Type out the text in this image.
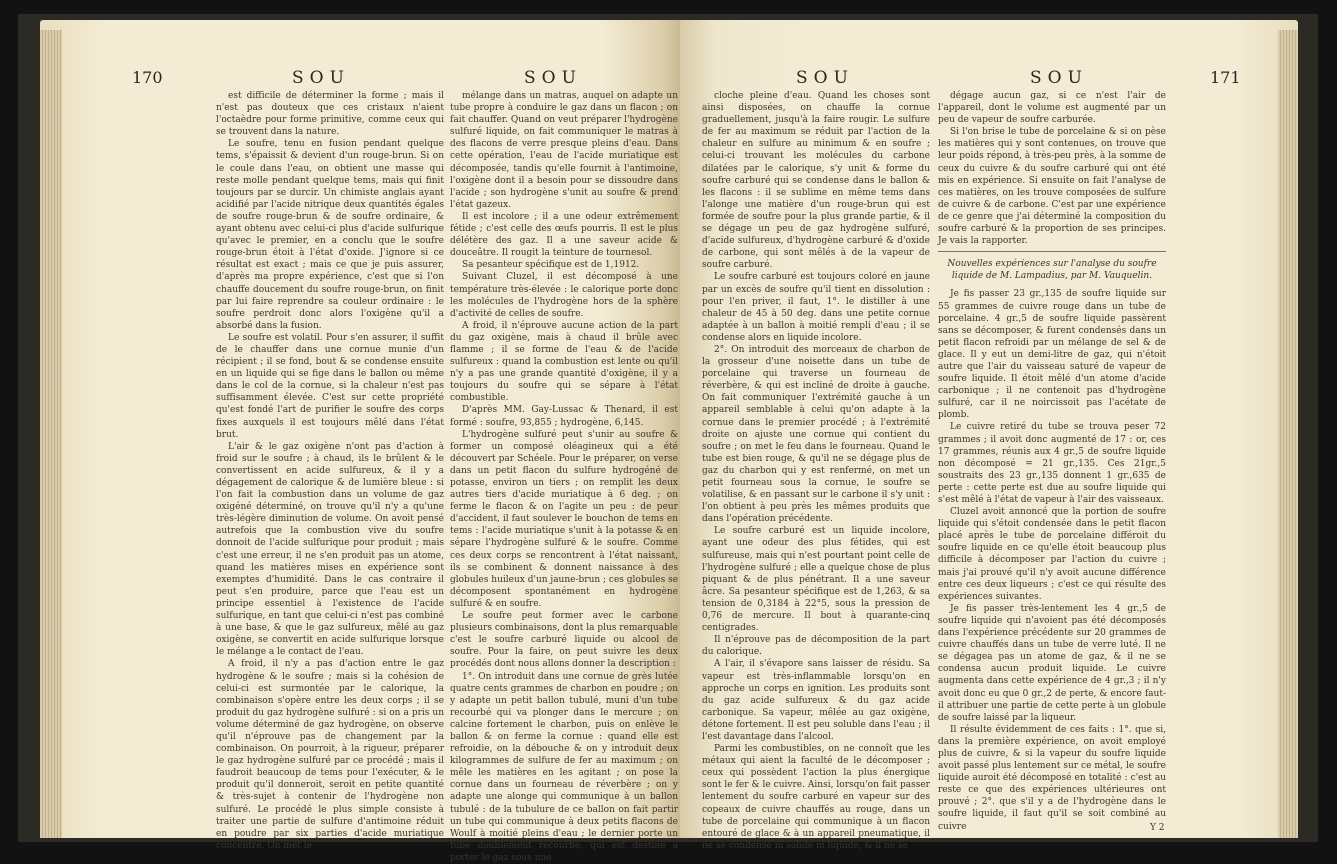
170	SOU	SOU

est difficile de déterminer la forme ; mais il n'est pas douteux que ces cristaux n'aient l'octaèdre pour forme primitive, comme ceux qui se trouvent dans la nature.

Le soufre, tenu en fusion pendant quelque tems, s'épaissit & devient d'un rouge-brun. Si on le coule dans l'eau, on obtient une masse qui reste molle pendant quelque tems, mais qui finit toujours par se durcir. Un chimiste anglais ayant acidifié par l'acide nitrique deux quantités égales de soufre rouge-brun & de soufre ordinaire, & ayant obtenu avec celui-ci plus d'acide sulfurique qu'avec le premier, en a conclu que le soufre rouge-brun étoit à l'état d'oxide. J'ignore si ce résultat est exact ; mais ce que je puis assurer, d'après ma propre expérience, c'est que si l'on chauffe doucement du soufre rouge-brun, on finit par lui faire reprendre sa couleur ordinaire : le soufre perdroit donc alors l'oxigène qu'il a absorbé dans la fusion.

Le soufre est volatil. Pour s'en assurer, il suffit de le chauffer dans une cornue munie d'un récipient ; il se fond, bout & se condense ensuite en un liquide qui se fige dans le ballon ou même dans le col de la cornue, si la chaleur n'est pas suffisamment élevée. C'est sur cette propriété qu'est fondé l'art de purifier le soufre des corps fixes auxquels il est toujours mêlé dans l'état brut.

L'air & le gaz oxigène n'ont pas d'action à froid sur le soufre ; à chaud, ils le brûlent & le convertissent en acide sulfureux, & il y a dégagement de calorique & de lumière bleue : si l'on fait la combustion dans un volume de gaz oxigéné déterminé, on trouve qu'il n'y a qu'une très-légère diminution de volume. On avoit pensé autrefois que la combustion vive du soufre donnoit de l'acide sulfurique pour produit ; mais c'est une erreur, il ne s'en produit pas un atome, quand les matières mises en expérience sont exemptes d'humidité. Dans le cas contraire il peut s'en produire, parce que l'eau est un principe essentiel à l'existence de l'acide sulfurique, en tant que celui-ci n'est pas combiné à une base, & que le gaz sulfureux, mêlé au gaz oxigène, se convertit en acide sulfurique lorsque le mélange a le contact de l'eau.

A froid, il n'y a pas d'action entre le gaz hydrogène & le soufre ; mais si la cohésion de celui-ci est surmontée par le calorique, la combinaison s'opère entre les deux corps ; il se produit du gaz hydrogène sulfuré : si on a pris un volume déterminé de gaz hydrogène, on observe qu'il n'éprouve pas de changement par la combinaison. On pourroit, à la rigueur, préparer le gaz hydrogène sulfuré par ce procédé ; mais il faudroit beaucoup de tems pour l'exécuter, & le produit qu'il donneroit, seroit en petite quantité & très-sujet à contenir de l'hydrogène non sulfuré. Le procédé le plus simple consiste à traiter une partie de sulfure d'antimoine réduit en poudre par six parties d'acide muriatique concentré. On met le

mélange dans un matras, auquel on adapte un tube propre à conduire le gaz dans un flacon ; on fait chauffer. Quand on veut préparer l'hydrogène sulfuré liquide, on fait communiquer le matras à des flacons de verre presque pleins d'eau. Dans cette opération, l'eau de l'acide muriatique est décomposée, tandis qu'elle fournit à l'antimoine, l'oxigène dont il a besoin pour se dissoudre dans l'acide ; son hydrogène s'unit au soufre & prend l'état gazeux.

Il est incolore ; il a une odeur extrêmement fétide ; c'est celle des œufs pourris. Il est le plus délétère des gaz. Il a une saveur acide & douceâtre. Il rougit la teinture de tournesol.

Sa pesanteur spécifique est de 1,1912.

Suivant Cluzel, il est décomposé à une température très-élevée : le calorique porte donc les molécules de l'hydrogène hors de la sphère d'activité de celles de soufre.

A froid, il n'éprouve aucune action de la part du gaz oxigène, mais à chaud il brûle avec flamme ; il se forme de l'eau & de l'acide sulfureux : quand la combustion est lente ou qu'il n'y a pas une grande quantité d'oxigène, il y a toujours du soufre qui se sépare à l'état combustible.

D'après MM. Gay-Lussac & Thenard, il est formé : soufre, 93,855 ; hydrogène, 6,145.

L'hydrogène sulfuré peut s'unir au soufre & former un composé oléagineux qui a été découvert par Schéele. Pour le préparer, on verse dans un petit flacon du sulfure hydrogéné de potasse, environ un tiers ; on remplit les deux autres tiers d'acide muriatique à 6 deg. ; on ferme le flacon & on l'agite un peu : de peur d'accident, il faut soulever le bouchon de tems en tems : l'acide muriatique s'unit à la potasse & en sépare l'hydrogène sulfuré & le soufre. Comme ces deux corps se rencontrent à l'état naissant, ils se combinent & donnent naissance à des globules huileux d'un jaune-brun ; ces globules se décomposent spontanément en hydrogène sulfuré & en soufre.

Le soufre peut former avec le carbone plusieurs combinaisons, dont la plus remarquable c'est le soufre carburé liquide ou alcool de soufre. Pour la faire, on peut suivre les deux procédés dont nous allons donner la description :

1°. On introduit dans une cornue de grès lutée quatre cents grammes de charbon en poudre ; on y adapte un petit ballon tubulé, muni d'un tube recourbé qui va plonger dans le mercure ; on calcine fortement le charbon, puis on enlève le ballon & on ferme la cornue : quand elle est refroidie, on la débouche & on y introduit deux kilogrammes de sulfure de fer au maximum ; on mêle les matières en les agitant ; on pose la cornue dans un fourneau de réverbère ; on y adapte une alonge qui communique à un ballon tubulé : de la tubulure de ce ballon on fait partir un tube qui communique à deux petits flacons de Woulf à moitié pleins d'eau ; le dernier porte un tube doublement recourbé, qui est destiné à porter le gaz sous une

SOU	SOU	171

cloche pleine d'eau. Quand les choses sont ainsi disposées, on chauffe la cornue graduellement, jusqu'à la faire rougir. Le sulfure de fer au maximum se réduit par l'action de la chaleur en sulfure au minimum & en soufre ; celui-ci trouvant les molécules du carbone dilatées par le calorique, s'y unit & forme du soufre carburé qui se condense dans le ballon & les flacons : il se sublime en même tems dans l'alonge une matière d'un rouge-brun qui est formée de soufre pour la plus grande partie, & il se dégage un peu de gaz hydrogène sulfuré, d'acide sulfureux, d'hydrogène carburé & d'oxide de carbone, qui sont mêlés à de la vapeur de soufre carburé.

Le soufre carburé est toujours coloré en jaune par un excès de soufre qu'il tient en dissolution : pour l'en priver, il faut, 1°. le distiller à une chaleur de 45 à 50 deg. dans une petite cornue adaptée à un ballon à moitié rempli d'eau ; il se condense alors en liquide incolore.

2°. On introduit des morceaux de charbon de la grosseur d'une noisette dans un tube de porcelaine qui traverse un fourneau de réverbère, & qui est incliné de droite à gauche. On fait communiquer l'extrémité gauche à un appareil semblable à celui qu'on adapte à la cornue dans le premier procédé ; à l'extrémité droite on ajuste une cornue qui contient du soufre ; on met le feu dans le fourneau. Quand le tube est bien rouge, & qu'il ne se dégage plus de gaz du charbon qui y est renfermé, on met un petit fourneau sous la cornue, le soufre se volatilise, & en passant sur le carbone il s'y unit : l'on obtient à peu près les mêmes produits que dans l'opération précédente.

Le soufre carburé est un liquide incolore, ayant une odeur des plus fétides, qui est sulfureuse, mais qui n'est pourtant point celle de l'hydrogène sulfuré ; elle a quelque chose de plus piquant & de plus pénétrant. Il a une saveur âcre. Sa pesanteur spécifique est de 1,263, & sa tension de 0,3184 à 22°5, sous la pression de 0,76 de mercure. Il bout à quarante-cinq centigrades.

Il n'éprouve pas de décomposition de la part du calorique.

A l'air, il s'évapore sans laisser de résidu. Sa vapeur est très-inflammable lorsqu'on en approche un corps en ignition. Les produits sont du gaz acide sulfureux & du gaz acide carbonique. Sa vapeur, mêlée au gaz oxigène, détone fortement. Il est peu soluble dans l'eau ; il l'est davantage dans l'alcool.

Parmi les combustibles, on ne connoît que les métaux qui aient la faculté de le décomposer ; ceux qui possèdent l'action la plus énergique sont le fer & le cuivre. Ainsi, lorsqu'on fait passer lentement du soufre carburé en vapeur sur des copeaux de cuivre chauffés au rouge, dans un tube de porcelaine qui communique à un flacon entouré de glace & à un appareil pneumatique, il ne se condense ni solide ni liquide, & il ne se

dégage aucun gaz, si ce n'est l'air de l'appareil, dont le volume est augmenté par un peu de vapeur de soufre carburée.

Si l'on brise le tube de porcelaine & si on pèse les matières qui y sont contenues, on trouve que leur poids répond, à très-peu près, à la somme de ceux du cuivre & du soufre carburé qui ont été mis en expérience. Si ensuite on fait l'analyse de ces matières, on les trouve composées de sulfure de cuivre & de carbone. C'est par une expérience de ce genre que j'ai déterminé la composition du soufre carburé & la proportion de ses principes. Je vais la rapporter.

Nouvelles expériences sur l'analyse du soufre liquide de M. Lampadius, par M. Vauquelin.

Je fis passer 23 gr.,135 de soufre liquide sur 55 grammes de cuivre rouge dans un tube de porcelaine. 4 gr.,5 de soufre liquide passèrent sans se décomposer, & furent condensés dans un petit flacon refroidi par un mélange de sel & de glace. Il y eut un demi-litre de gaz, qui n'étoit autre que l'air du vaisseau saturé de vapeur de soufre liquide. Il étoit mêlé d'un atome d'acide carbonique ; il ne contenoit pas d'hydrogène sulfuré, car il ne noircissoit pas l'acétate de plomb.

Le cuivre retiré du tube se trouva peser 72 grammes ; il avoit donc augmenté de 17 : or, ces 17 grammes, réunis aux 4 gr.,5 de soufre liquide non décomposé = 21 gr.,135. Ces 21gr.,5 soustraits des 23 gr.,135 donnent 1 gr.,635 de perte : cette perte est due au soufre liquide qui s'est mêlé à l'état de vapeur à l'air des vaisseaux.

Cluzel avoit annoncé que la portion de soufre liquide qui s'étoit condensée dans le petit flacon placé après le tube de porcelaine différoit du soufre liquide en ce qu'elle étoit beaucoup plus difficile à décomposer par l'action du cuivre ; mais j'ai prouvé qu'il n'y avoit aucune différence entre ces deux liqueurs ; c'est ce qui résulte des expériences suivantes.

Je fis passer très-lentement les 4 gr.,5 de soufre liquide qui n'avoient pas été décomposés dans l'expérience précédente sur 20 grammes de cuivre chauffés dans un tube de verre luté. Il ne se dégagea pas un atome de gaz, & il ne se condensa aucun produit liquide. Le cuivre augmenta dans cette expérience de 4 gr.,3 ; il n'y avoit donc eu que 0 gr.,2 de perte, & encore faut-il attribuer une partie de cette perte à un globule de soufre laissé par la liqueur.

Il résulte évidemment de ces faits : 1°. que si, dans la première expérience, on avoit employé plus de cuivre, & si la vapeur du soufre liquide avoit passé plus lentement sur ce métal, le soufre liquide auroit été décomposé en totalité : c'est au reste ce que des expériences ultérieures ont prouvé ; 2°. que s'il y a de l'hydrogène dans le soufre liquide, il faut qu'il se soit combiné au cuivre	Y 2
